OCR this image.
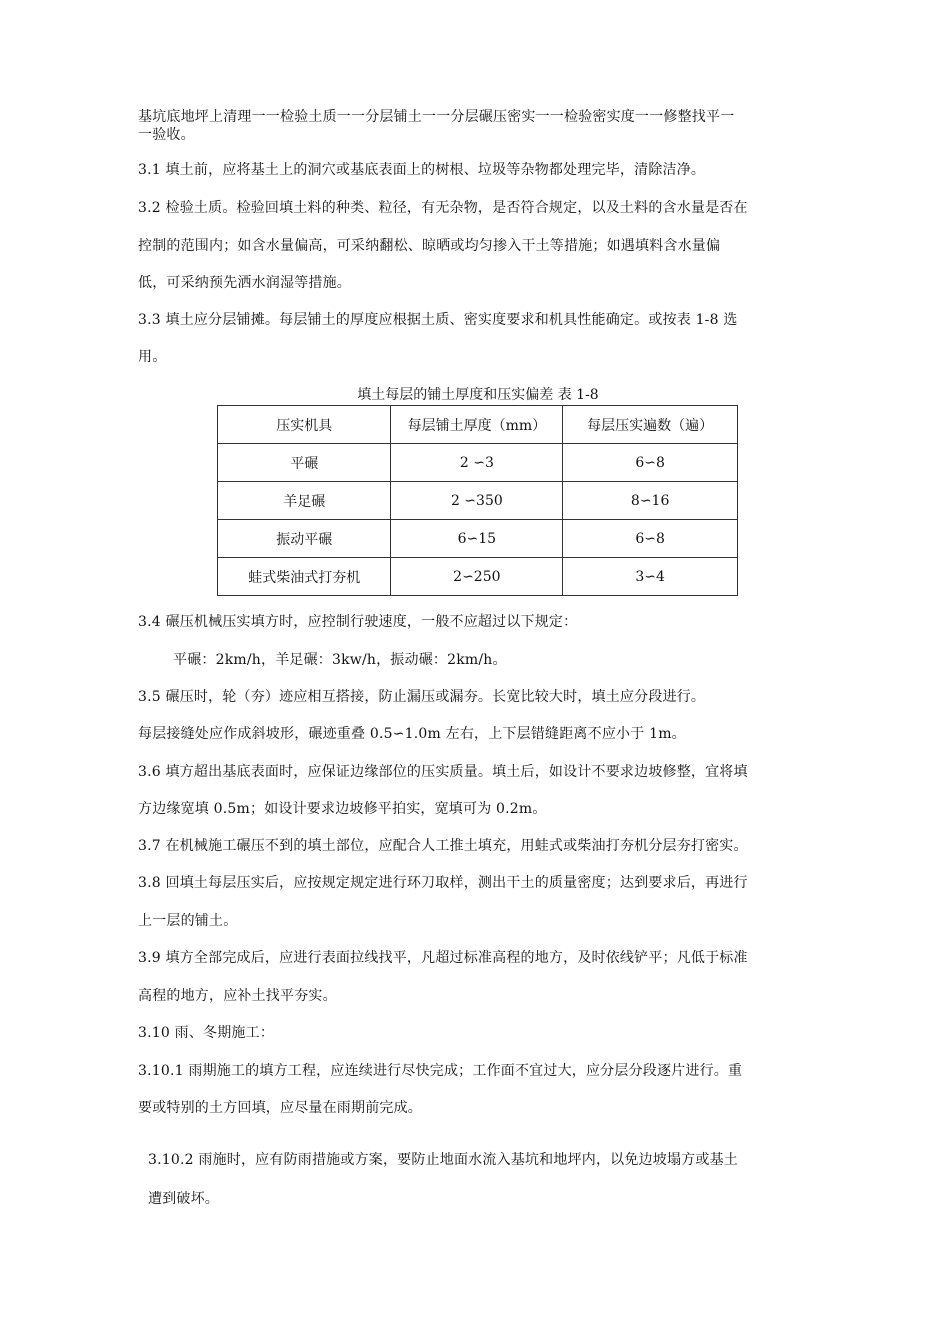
基坑底地坪上清理一一检验土质一一分层铺土一一分层碾压密实一一检验密实度一一修整找平一
一验收。
3.1 填土前，应将基土上的洞穴或基底表面上的树根、垃圾等杂物都处理完毕，清除洁净。
3.2 检验土质。检验回填土料的种类、粒径，有无杂物，是否符合规定，以及土料的含水量是否在
控制的范围内；如含水量偏高，可采纳翻松、晾晒或均匀掺入干土等措施；如遇填料含水量偏
低，可采纳预先洒水润湿等措施。
3.3 填土应分层铺摊。每层铺土的厚度应根据土质、密实度要求和机具性能确定。或按表 1-8 选
用。
填土每层的铺土厚度和压实偏差 表 1-8
压实机具	每层铺土厚度（mm）	每层压实遍数（遍）
平碾	2 ∽3	6∽8
羊足碾	2 ∽350	8∽16
振动平碾	6∽15	6∽8
蛙式柴油式打夯机	2∽250	3∽4
3.4 碾压机械压实填方时，应控制行驶速度，一般不应超过以下规定：
平碾：2km/h，羊足碾：3kw/h，振动碾：2km/h。
3.5 碾压时，轮（夯）迹应相互搭接，防止漏压或漏夯。长宽比较大时，填土应分段进行。
每层接缝处应作成斜坡形，碾迹重叠 0.5∽1.0m 左右，上下层错缝距离不应小于 1m。
3.6 填方超出基底表面时，应保证边缘部位的压实质量。填土后，如设计不要求边坡修整，宜将填
方边缘宽填 0.5m；如设计要求边坡修平拍实，宽填可为 0.2m。
3.7 在机械施工碾压不到的填土部位，应配合人工推土填充，用蛙式或柴油打夯机分层夯打密实。
3.8 回填土每层压实后，应按规定规定进行环刀取样，测出干土的质量密度；达到要求后，再进行
上一层的铺土。
3.9 填方全部完成后，应进行表面拉线找平，凡超过标准高程的地方，及时依线铲平；凡低于标准
高程的地方，应补土找平夯实。
3.10 雨、冬期施工：
3.10.1 雨期施工的填方工程，应连续进行尽快完成；工作面不宜过大，应分层分段逐片进行。重
要或特别的土方回填，应尽量在雨期前完成。
3.10.2 雨施时，应有防雨措施或方案，要防止地面水流入基坑和地坪内，以免边坡塌方或基土
遭到破坏。
